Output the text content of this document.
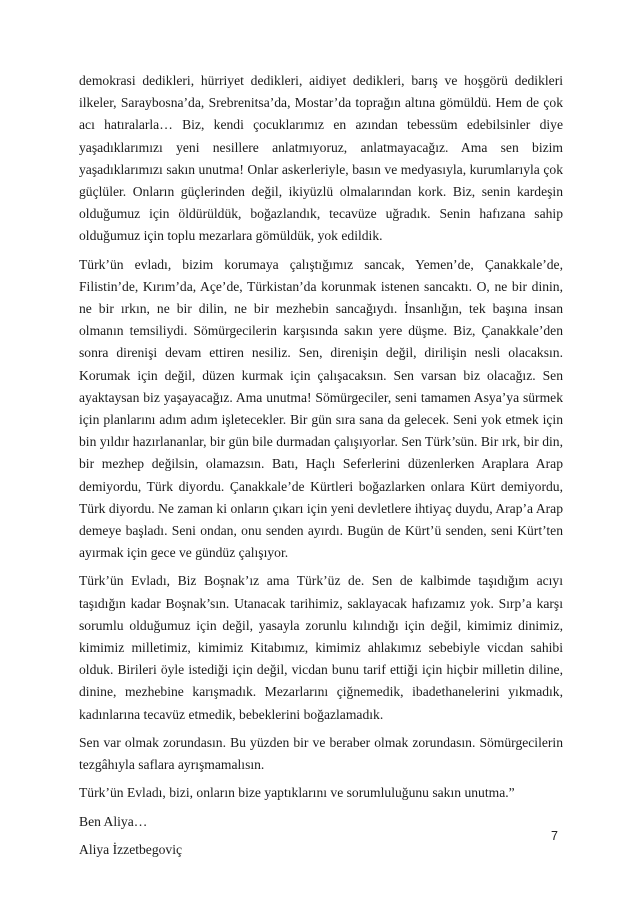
demokrasi dedikleri, hürriyet dedikleri, aidiyet dedikleri, barış ve hoşgörü dedikleri ilkeler, Saraybosna’da, Srebrenitsa’da, Mostar’da toprağın altına gömüldü. Hem de çok acı hatıralarla… Biz, kendi çocuklarımız en azından tebessüm edebilsinler diye yaşadıklarımızı yeni nesillere anlatmıyoruz, anlatmayacağız. Ama sen bizim yaşadıklarımızı sakın unutma! Onlar askerleriyle, basın ve medyasıyla, kurumlarıyla çok güçlüler. Onların güçlerinden değil, ikiyüzlü olmalarından kork. Biz, senin kardeşin olduğumuz için öldürüldük, boğazlandık, tecavüze uğradık. Senin hafızana sahip olduğumuz için toplu mezarlara gömüldük, yok edildik.

Türk’ün evladı, bizim korumaya çalıştığımız sancak, Yemen’de, Çanakkale’de, Filistin’de, Kırım’da, Açe’de, Türkistan’da korunmak istenen sancaktı. O, ne bir dinin, ne bir ırkın, ne bir dilin, ne bir mezhebin sancağıydı. İnsanlığın, tek başına insan olmanın temsiliydi. Sömürgecilerin karşısında sakın yere düşme. Biz, Çanakkale’den sonra direnişi devam ettiren nesiliz. Sen, direnişin değil, dirilişin nesli olacaksın. Korumak için değil, düzen kurmak için çalışacaksın. Sen varsan biz olacağız. Sen ayaktaysan biz yaşayacağız. Ama unutma! Sömürgeciler, seni tamamen Asya’ya sürmek için planlarını adım adım işletecekler. Bir gün sıra sana da gelecek. Seni yok etmek için bin yıldır hazırlananlar, bir gün bile durmadan çalışıyorlar. Sen Türk’sün. Bir ırk, bir din, bir mezhep değilsin, olamazsın. Batı, Haçlı Seferlerini düzenlerken Araplara Arap demiyordu, Türk diyordu. Çanakkale’de Kürtleri boğazlarken onlara Kürt demiyordu, Türk diyordu. Ne zaman ki onların çıkarı için yeni devletlere ihtiyaç duydu, Arap’a Arap demeye başladı. Seni ondan, onu senden ayırdı. Bugün de Kürt’ü senden, seni Kürt’ten ayırmak için gece ve gündüz çalışıyor.

Türk’ün Evladı, Biz Boşnak’ız ama Türk’üz de. Sen de kalbimde taşıdığım acıyı taşıdığın kadar Boşnak’sın. Utanacak tarihimiz, saklayacak hafızamız yok. Sırp’a karşı sorumlu olduğumuz için değil, yasayla zorunlu kılındığı için değil, kimimiz dinimiz, kimimiz milletimiz, kimimiz Kitabımız, kimimiz ahlakımız sebebiyle vicdan sahibi olduk. Birileri öyle istediği için değil, vicdan bunu tarif ettiği için hiçbir milletin diline, dinine, mezhebine karışmadık. Mezarlarını çiğnemedik, ibadethanelerini yıkmadık, kadınlarına tecavüz etmedik, bebeklerini boğazlamadık.

Sen var olmak zorundasın. Bu yüzden bir ve beraber olmak zorundasın. Sömürgecilerin tezgâhıyla saflara ayrışmamalısın.

Türk’ün Evladı, bizi, onların bize yaptıklarını ve sorumluluğunu sakın unutma.”

Ben Aliya…

Aliya İzzetbegoviç

7
